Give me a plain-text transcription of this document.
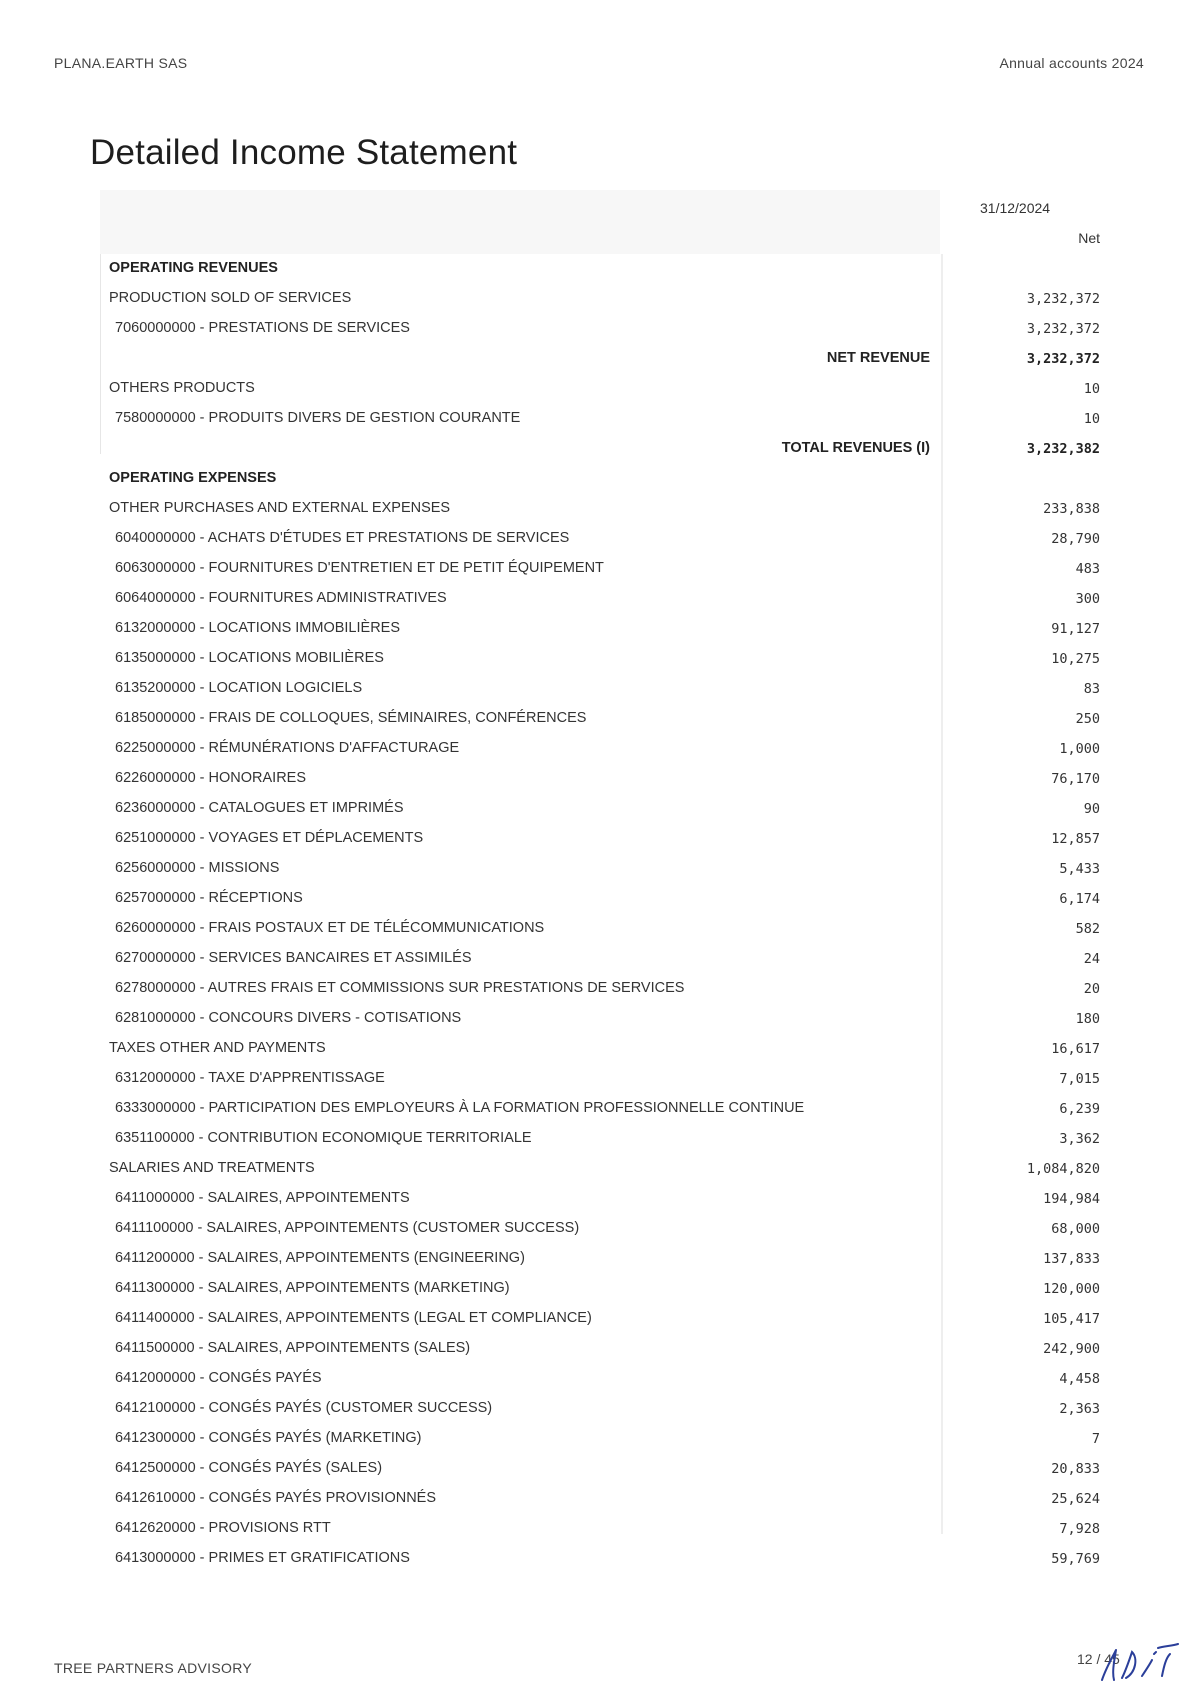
PLANA.EARTH SAS	Annual accounts 2024
Detailed Income Statement
31/12/2024
Net
OPERATING REVENUES
PRODUCTION SOLD OF SERVICES	3,232,372
7060000000 - PRESTATIONS DE SERVICES	3,232,372
NET REVENUE	3,232,372
OTHERS PRODUCTS	10
7580000000 - PRODUITS DIVERS DE GESTION COURANTE	10
TOTAL REVENUES (I)	3,232,382
OPERATING EXPENSES
OTHER PURCHASES AND EXTERNAL EXPENSES	233,838
6040000000 - ACHATS D'ÉTUDES ET PRESTATIONS DE SERVICES	28,790
6063000000 - FOURNITURES D'ENTRETIEN ET DE PETIT ÉQUIPEMENT	483
6064000000 - FOURNITURES ADMINISTRATIVES	300
6132000000 - LOCATIONS IMMOBILIÈRES	91,127
6135000000 - LOCATIONS MOBILIÈRES	10,275
6135200000 - LOCATION LOGICIELS	83
6185000000 - FRAIS DE COLLOQUES, SÉMINAIRES, CONFÉRENCES	250
6225000000 - RÉMUNÉRATIONS D'AFFACTURAGE	1,000
6226000000 - HONORAIRES	76,170
6236000000 - CATALOGUES ET IMPRIMÉS	90
6251000000 - VOYAGES ET DÉPLACEMENTS	12,857
6256000000 - MISSIONS	5,433
6257000000 - RÉCEPTIONS	6,174
6260000000 - FRAIS POSTAUX ET DE TÉLÉCOMMUNICATIONS	582
6270000000 - SERVICES BANCAIRES ET ASSIMILÉS	24
6278000000 - AUTRES FRAIS ET COMMISSIONS SUR PRESTATIONS DE SERVICES	20
6281000000 - CONCOURS DIVERS - COTISATIONS	180
TAXES OTHER AND PAYMENTS	16,617
6312000000 - TAXE D'APPRENTISSAGE	7,015
6333000000 - PARTICIPATION DES EMPLOYEURS À LA FORMATION PROFESSIONNELLE CONTINUE	6,239
6351100000 - CONTRIBUTION ECONOMIQUE TERRITORIALE	3,362
SALARIES AND TREATMENTS	1,084,820
6411000000 - SALAIRES, APPOINTEMENTS	194,984
6411100000 - SALAIRES, APPOINTEMENTS (CUSTOMER SUCCESS)	68,000
6411200000 - SALAIRES, APPOINTEMENTS (ENGINEERING)	137,833
6411300000 - SALAIRES, APPOINTEMENTS (MARKETING)	120,000
6411400000 - SALAIRES, APPOINTEMENTS (LEGAL ET COMPLIANCE)	105,417
6411500000 - SALAIRES, APPOINTEMENTS (SALES)	242,900
6412000000 - CONGÉS PAYÉS	4,458
6412100000 - CONGÉS PAYÉS (CUSTOMER SUCCESS)	2,363
6412300000 - CONGÉS PAYÉS (MARKETING)	7
6412500000 - CONGÉS PAYÉS (SALES)	20,833
6412610000 - CONGÉS PAYÉS PROVISIONNÉS	25,624
6412620000 - PROVISIONS RTT	7,928
6413000000 - PRIMES ET GRATIFICATIONS	59,769
TREE PARTNERS ADVISORY
12 / 45
